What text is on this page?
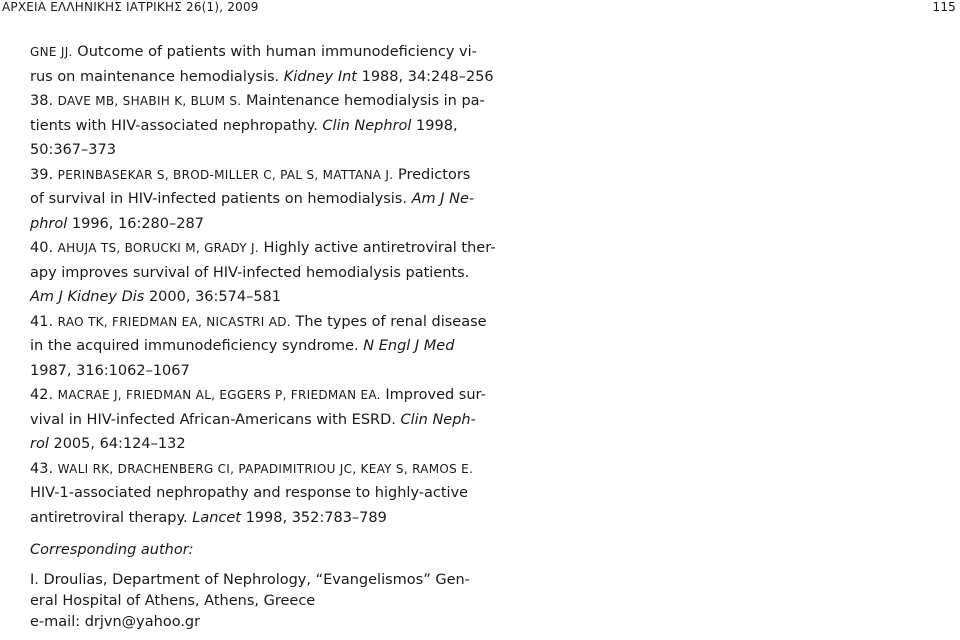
ΑΡΧΕΙΑ ΕΛΛΗΝΙΚΗΣ ΙΑΤΡΙΚΗΣ 26(1), 2009	115
GNE JJ. Outcome of patients with human immunodeficiency vi-
rus on maintenance hemodialysis. Kidney Int 1988, 34:248–256
38. DAVE MB, SHABIH K, BLUM S. Maintenance hemodialysis in pa-
tients with HIV-associated nephropathy. Clin Nephrol 1998,
50:367–373
39. PERINBASEKAR S, BROD-MILLER C, PAL S, MATTANA J. Predictors
of survival in HIV-infected patients on hemodialysis. Am J Ne-
phrol 1996, 16:280–287
40. AHUJA TS, BORUCKI M, GRADY J. Highly active antiretroviral ther-
apy improves survival of HIV-infected hemodialysis patients.
Am J Kidney Dis 2000, 36:574–581
41. RAO TK, FRIEDMAN EA, NICASTRI AD. The types of renal disease
in the acquired immunodeficiency syndrome. N Engl J Med
1987, 316:1062–1067
42. MACRAE J, FRIEDMAN AL, EGGERS P, FRIEDMAN EA. Improved sur-
vival in HIV-infected African-Americans with ESRD. Clin Neph-
rol 2005, 64:124–132
43. WALI RK, DRACHENBERG CI, PAPADIMITRIOU JC, KEAY S, RAMOS E.
HIV-1-associated nephropathy and response to highly-active
antiretroviral therapy. Lancet 1998, 352:783–789
Corresponding author:
I. Droulias, Department of Nephrology, “Evangelismos” Gen-
eral Hospital of Athens, Athens, Greece
e-mail: drjvn@yahoo.gr
